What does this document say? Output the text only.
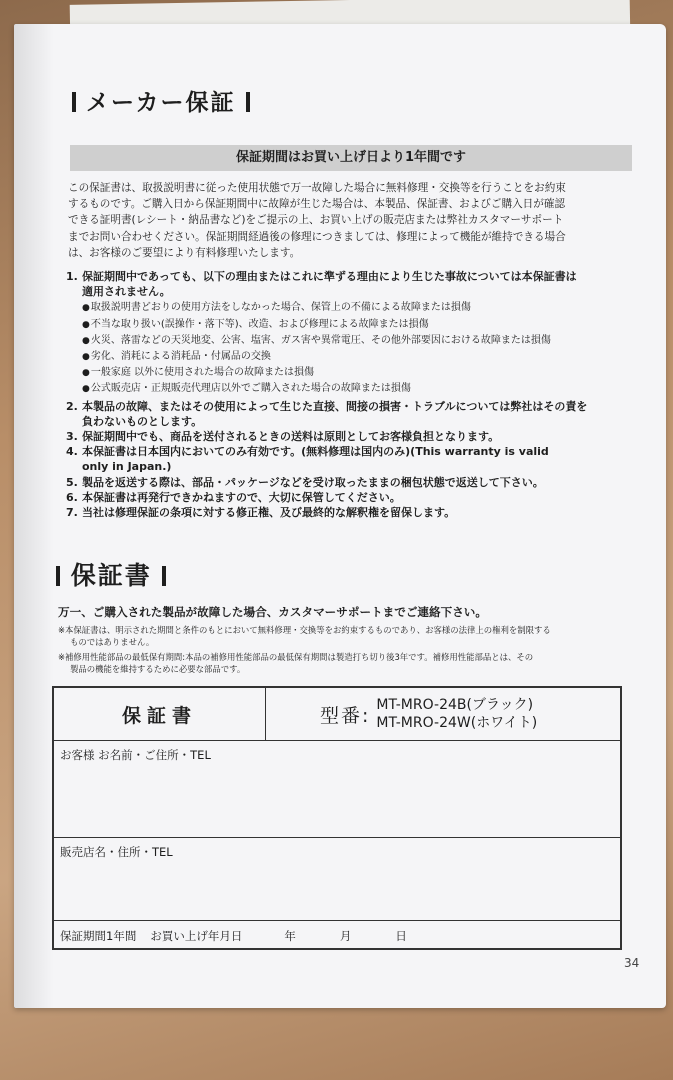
メーカー保証
保証期間はお買い上げ日より1年間です

この保証書は、取扱説明書に従った使用状態で万一故障した場合に無料修理・交換等を行うことをお約束
するものです。ご購入日から保証期間中に故障が生じた場合は、本製品、保証書、およびご購入日が確認
できる証明書(レシート・納品書など)をご提示の上、お買い上げの販売店または弊社カスタマーサポート
までお問い合わせください。保証期間経過後の修理につきましては、修理によって機能が維持できる場合
は、お客様のご要望により有料修理いたします。

1. 保証期間中であっても、以下の理由またはこれに準ずる理由により生じた事故については本保証書は
適用されません。
● 取扱説明書どおりの使用方法をしなかった場合、保管上の不備による故障または損傷
● 不当な取り扱い(誤操作・落下等)、改造、および修理による故障または損傷
● 火災、落雷などの天災地変、公害、塩害、ガス害や異常電圧、その他外部要因における故障または損傷
● 劣化、消耗による消耗品・付属品の交換
● 一般家庭 以外に使用された場合の故障または損傷
● 公式販売店・正規販売代理店以外でご購入された場合の故障または損傷
2. 本製品の故障、またはその使用によって生じた直接、間接の損害・トラブルについては弊社はその責を
負わないものとします。
3. 保証期間中でも、商品を送付されるときの送料は原則としてお客様負担となります。
4. 本保証書は日本国内においてのみ有効です。(無料修理は国内のみ)(This warranty is valid
only in Japan.)
5. 製品を返送する際は、部品・パッケージなどを受け取ったままの梱包状態で返送して下さい。
6. 本保証書は再発行できかねますので、大切に保管してください。
7. 当社は修理保証の条項に対する修正権、及び最終的な解釈権を留保します。
保証書
万一、ご購入された製品が故障した場合、カスタマーサポートまでご連絡下さい。
※本保証書は、明示された期間と条件のもとにおいて無料修理・交換等をお約束するものであり、お客様の法律上の権利を制限する
ものではありません。
※補修用性能部品の最低保有期間:本品の補修用性能部品の最低保有期間は製造打ち切り後3年です。補修用性能部品とは、その
製品の機能を維持するために必要な部品です。
保証書	型番: MT-MRO-24B(ブラック)
MT-MRO-24W(ホワイト)
お客様 お名前・ご住所・TEL
販売店名・住所・TEL
保証期間1年間 お買い上げ年月日	年	月	日
34
